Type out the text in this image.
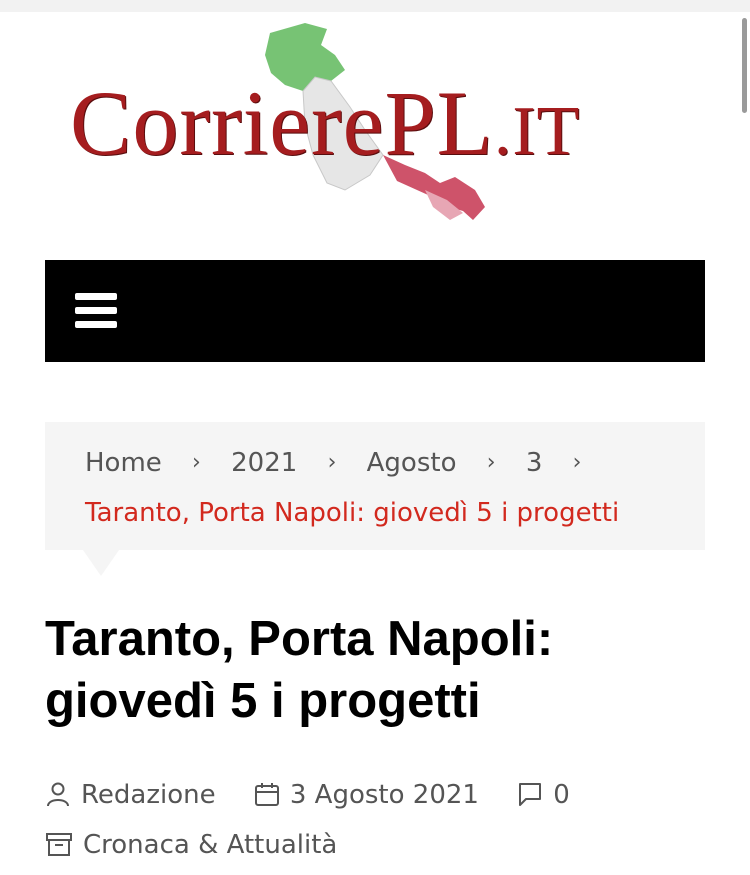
CorrierePL.IT
Home › 2021 › Agosto › 3 ›
Taranto, Porta Napoli: giovedì 5 i progetti
Taranto, Porta Napoli: giovedì 5 i progetti
Redazione	3 Agosto 2021	0
Cronaca & Attualità
